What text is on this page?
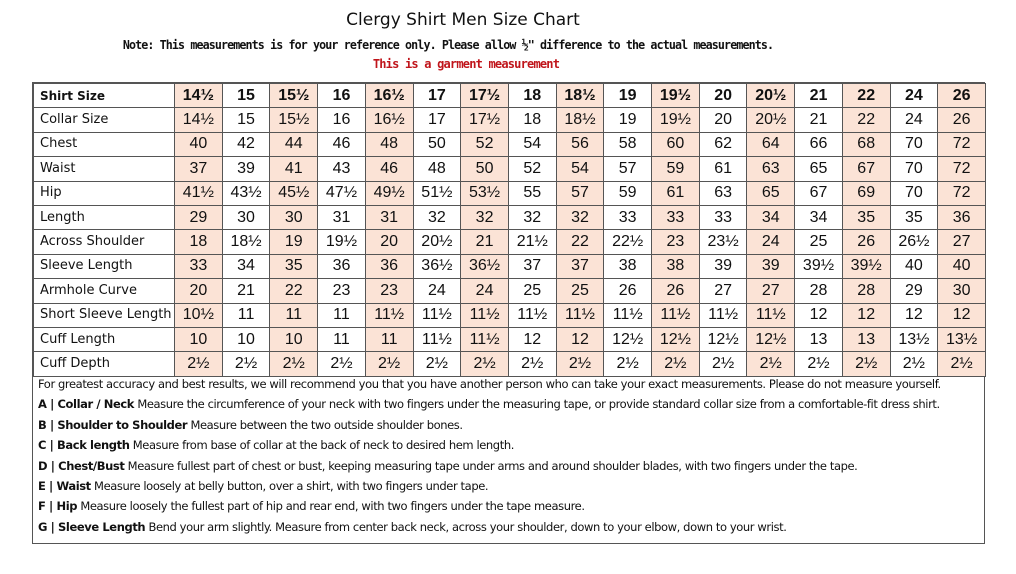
Clergy Shirt Men Size Chart
Note: This measurements is for your reference only. Please allow ½" difference to the actual measurements.
This is a garment measurement
Shirt Size	14½	15	15½	16	16½	17	17½	18	18½	19	19½	20	20½	21	22	24	26
Collar Size	14½	15	15½	16	16½	17	17½	18	18½	19	19½	20	20½	21	22	24	26
Chest	40	42	44	46	48	50	52	54	56	58	60	62	64	66	68	70	72
Waist	37	39	41	43	46	48	50	52	54	57	59	61	63	65	67	70	72
Hip	41½	43½	45½	47½	49½	51½	53½	55	57	59	61	63	65	67	69	70	72
Length	29	30	30	31	31	32	32	32	32	33	33	33	34	34	35	35	36
Across Shoulder	18	18½	19	19½	20	20½	21	21½	22	22½	23	23½	24	25	26	26½	27
Sleeve Length	33	34	35	36	36	36½	36½	37	37	38	38	39	39	39½	39½	40	40
Armhole Curve	20	21	22	23	23	24	24	25	25	26	26	27	27	28	28	29	30
Short Sleeve Length	10½	11	11	11	11½	11½	11½	11½	11½	11½	11½	11½	11½	12	12	12	12
Cuff Length	10	10	10	11	11	11½	11½	12	12	12½	12½	12½	12½	13	13	13½	13½
Cuff Depth	2½	2½	2½	2½	2½	2½	2½	2½	2½	2½	2½	2½	2½	2½	2½	2½	2½
For greatest accuracy and best results, we will recommend you that you have another person who can take your exact measurements. Please do not measure yourself.
A | Collar / Neck Measure the circumference of your neck with two fingers under the measuring tape, or provide standard collar size from a comfortable-fit dress shirt.
B | Shoulder to Shoulder Measure between the two outside shoulder bones.
C | Back length Measure from base of collar at the back of neck to desired hem length.
D | Chest/Bust Measure fullest part of chest or bust, keeping measuring tape under arms and around shoulder blades, with two fingers under the tape.
E | Waist Measure loosely at belly button, over a shirt, with two fingers under tape.
F | Hip Measure loosely the fullest part of hip and rear end, with two fingers under the tape measure.
G | Sleeve Length Bend your arm slightly. Measure from center back neck, across your shoulder, down to your elbow, down to your wrist.
